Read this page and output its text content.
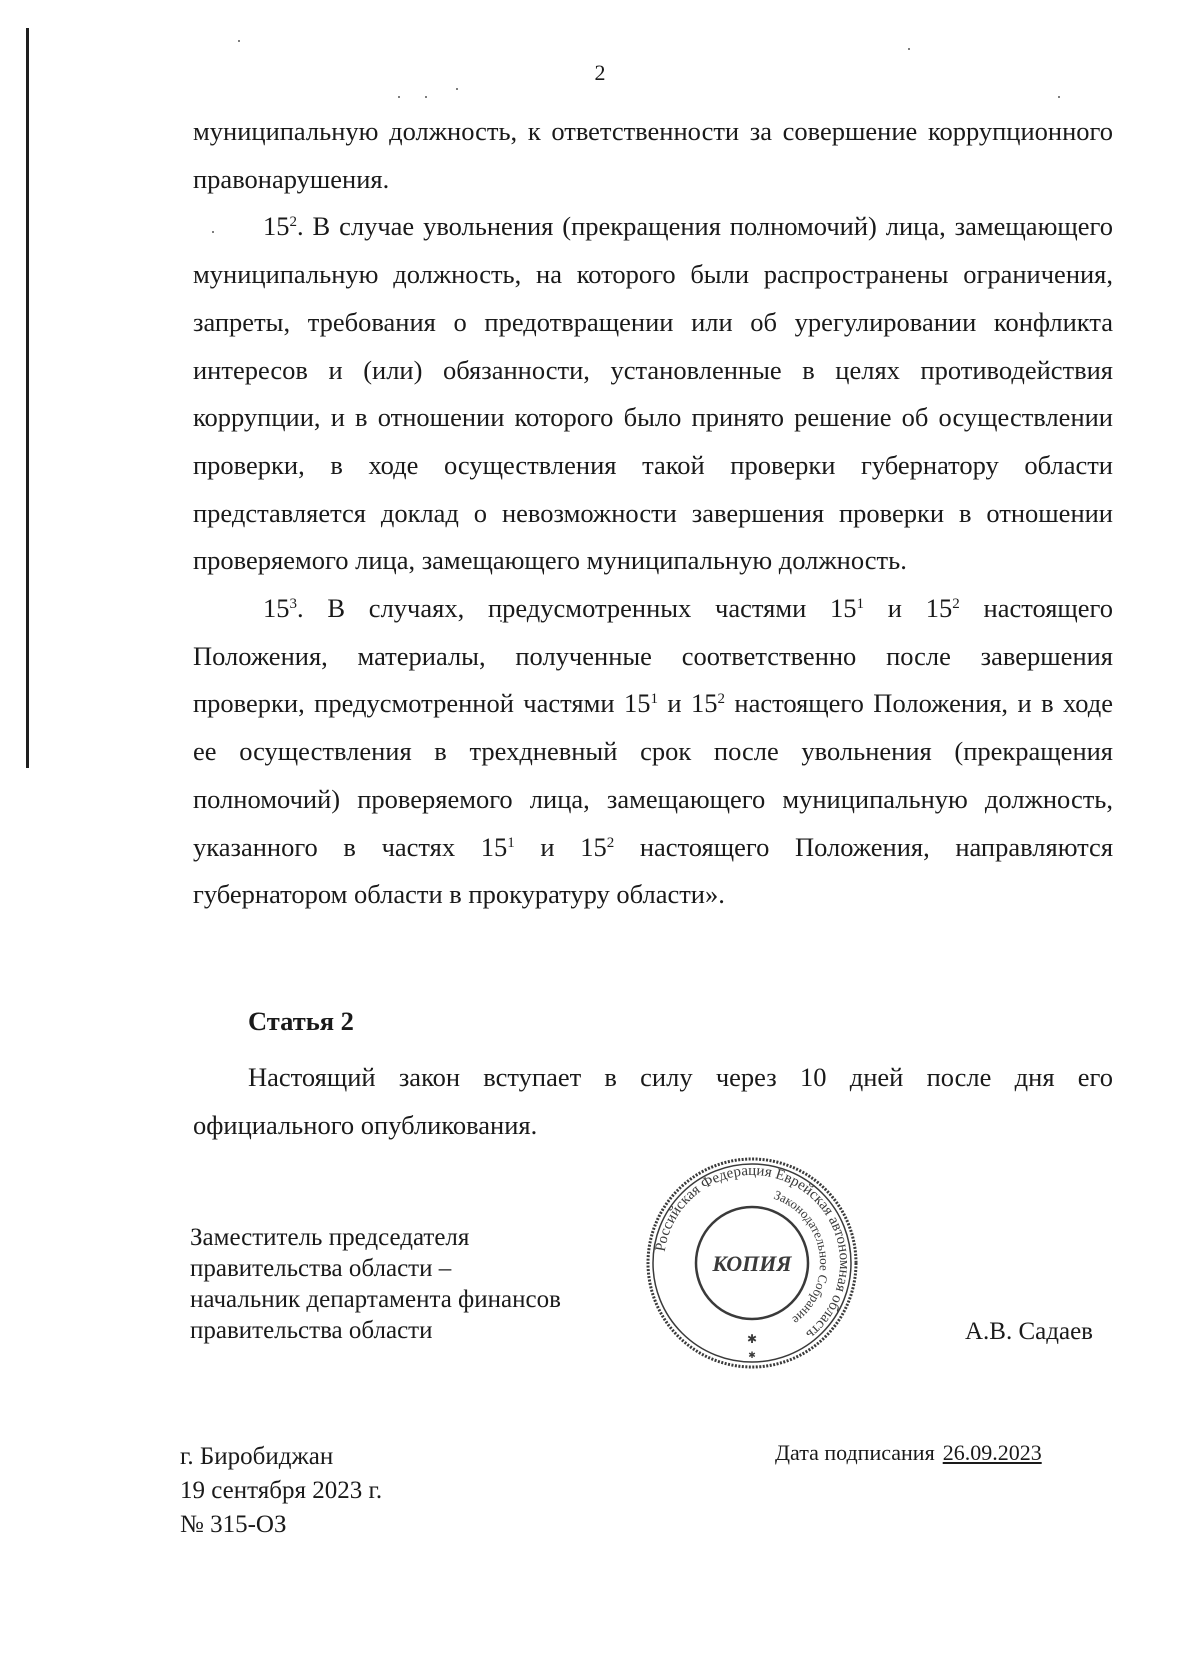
2

муниципальную должность, к ответственности за совершение коррупционного правонарушения.

$15^2$. В случае увольнения (прекращения полномочий) лица, замещающего муниципальную должность, на которого были распространены ограничения, запреты, требования о предотвращении или об урегулировании конфликта интересов и (или) обязанности, установленные в целях противодействия коррупции, и в отношении которого было принято решение об осуществлении проверки, в ходе осуществления такой проверки губернатору области представляется доклад о невозможности завершения проверки в отношении проверяемого лица, замещающего муниципальную должность.

$15^3$. В случаях, предусмотренных частями $15^1$ и $15^2$ настоящего Положения, материалы, полученные соответственно после завершения проверки, предусмотренной частями $15^1$ и $15^2$ настоящего Положения, и в ходе ее осуществления в трехдневный срок после увольнения (прекращения полномочий) проверяемого лица, замещающего муниципальную должность, указанного в частях $15^1$ и $15^2$ настоящего Положения, направляются губернатором области в прокуратуру области».

Статья 2

Настоящий закон вступает в силу через 10 дней после дня его официального опубликования.

Заместитель председателя
правительства области –
начальник департамента финансов
правительства области
Российская Федерация Еврейская автономная область
Законодательное Собрание
КОПИЯ
✱
✱
А.В. Садаев
г. Биробиджан
19 сентября 2023 г.
№ 315-ОЗ
Дата подписания 26.09.2023
